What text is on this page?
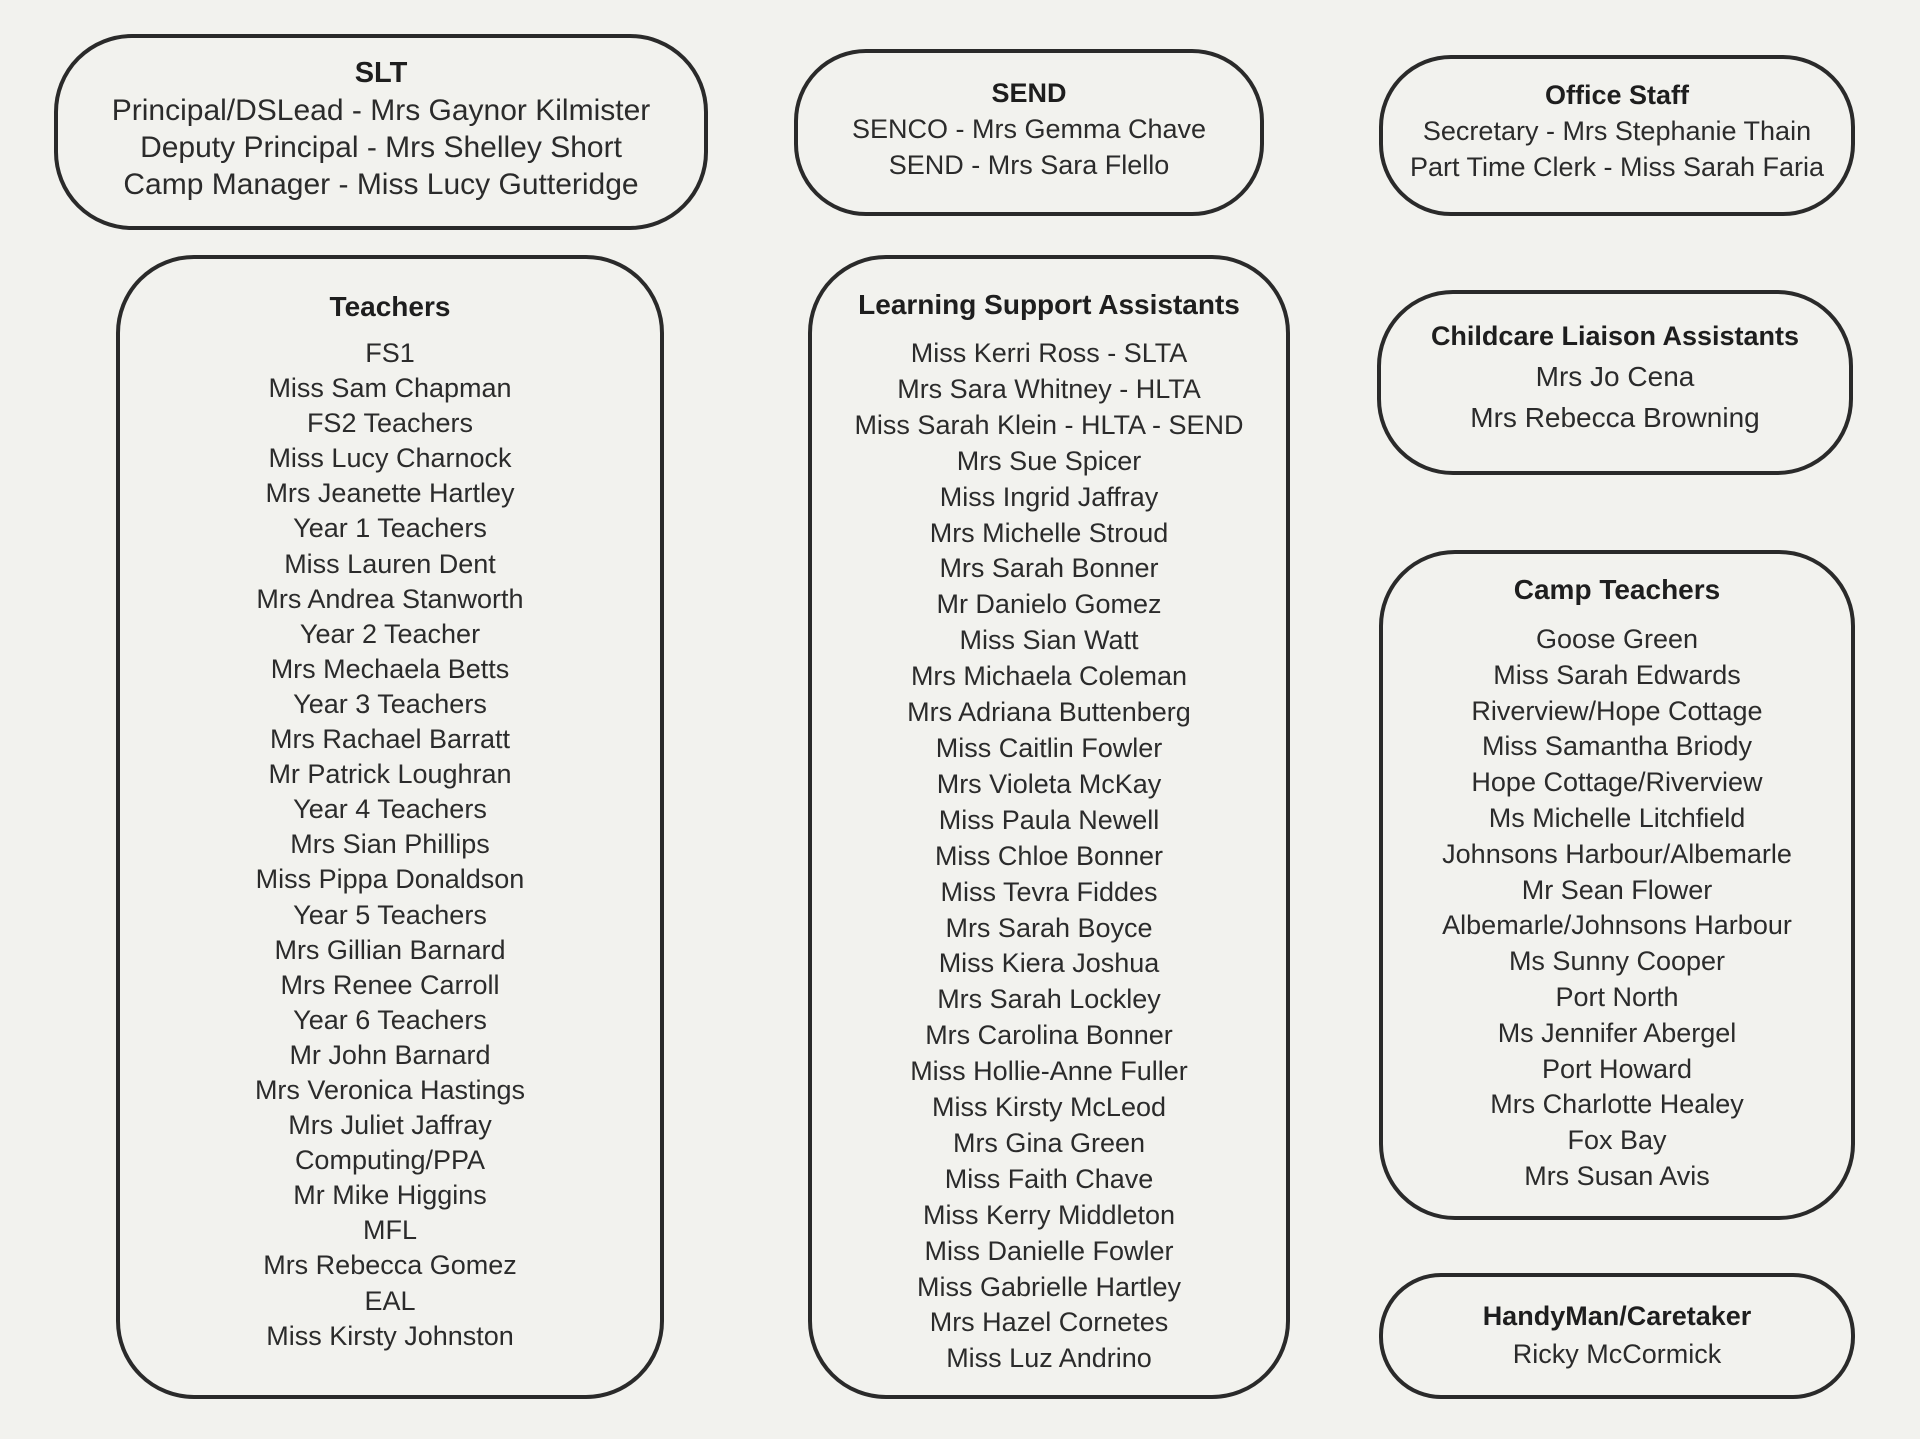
SLT
Principal/DSLead - Mrs Gaynor Kilmister
Deputy Principal - Mrs Shelley Short
Camp Manager - Miss Lucy Gutteridge
SEND
SENCO - Mrs Gemma Chave
SEND - Mrs Sara Flello
Office Staff
Secretary - Mrs Stephanie Thain
Part Time Clerk - Miss Sarah Faria
Teachers
FS1
Miss Sam Chapman
FS2 Teachers
Miss Lucy Charnock
Mrs Jeanette Hartley
Year 1 Teachers
Miss Lauren Dent
Mrs Andrea Stanworth
Year 2 Teacher
Mrs Mechaela Betts
Year 3 Teachers
Mrs Rachael Barratt
Mr Patrick Loughran
Year 4 Teachers
Mrs Sian Phillips
Miss Pippa Donaldson
Year 5 Teachers
Mrs Gillian Barnard
Mrs Renee Carroll
Year 6 Teachers
Mr John Barnard
Mrs Veronica Hastings
Mrs Juliet Jaffray
Computing/PPA
Mr Mike Higgins
MFL
Mrs Rebecca Gomez
EAL
Miss Kirsty Johnston
Learning Support Assistants
Miss Kerri Ross - SLTA
Mrs Sara Whitney - HLTA
Miss Sarah Klein - HLTA - SEND
Mrs Sue Spicer
Miss Ingrid Jaffray
Mrs Michelle Stroud
Mrs Sarah Bonner
Mr Danielo Gomez
Miss Sian Watt
Mrs Michaela Coleman
Mrs Adriana Buttenberg
Miss Caitlin Fowler
Mrs Violeta McKay
Miss Paula Newell
Miss Chloe Bonner
Miss Tevra Fiddes
Mrs Sarah Boyce
Miss Kiera Joshua
Mrs Sarah Lockley
Mrs Carolina Bonner
Miss Hollie-Anne Fuller
Miss Kirsty McLeod
Mrs Gina Green
Miss Faith Chave
Miss Kerry Middleton
Miss Danielle Fowler
Miss Gabrielle Hartley
Mrs Hazel Cornetes
Miss Luz Andrino
Childcare Liaison Assistants
Mrs Jo Cena
Mrs Rebecca Browning
Camp Teachers
Goose Green
Miss Sarah Edwards
Riverview/Hope Cottage
Miss Samantha Briody
Hope Cottage/Riverview
Ms Michelle Litchfield
Johnsons Harbour/Albemarle
Mr Sean Flower
Albemarle/Johnsons Harbour
Ms Sunny Cooper
Port North
Ms Jennifer Abergel
Port Howard
Mrs Charlotte Healey
Fox Bay
Mrs Susan Avis
HandyMan/Caretaker
Ricky McCormick
